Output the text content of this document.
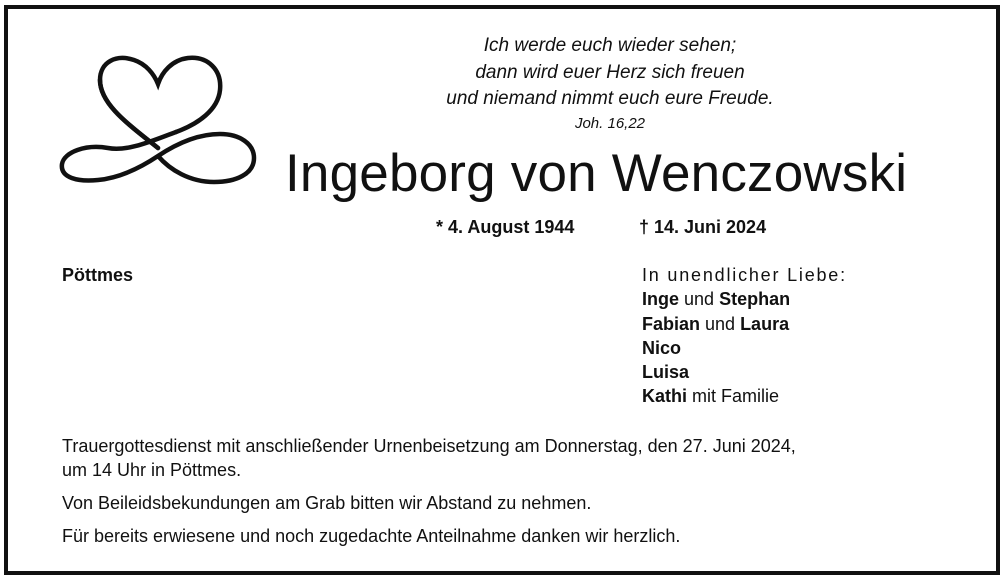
Ich werde euch wieder sehen;
dann wird euer Herz sich freuen
und niemand nimmt euch eure Freude.
Joh. 16,22
Ingeborg von Wenczowski
* 4. August 1944	† 14. Juni 2024
Pöttmes	In unendlicher Liebe:
Inge und Stephan
Fabian und Laura
Nico
Luisa
Kathi mit Familie

Trauergottesdienst mit anschließender Urnenbeisetzung am Donnerstag, den 27. Juni 2024,
um 14 Uhr in Pöttmes.

Von Beileidsbekundungen am Grab bitten wir Abstand zu nehmen.

Für bereits erwiesene und noch zugedachte Anteilnahme danken wir herzlich.
